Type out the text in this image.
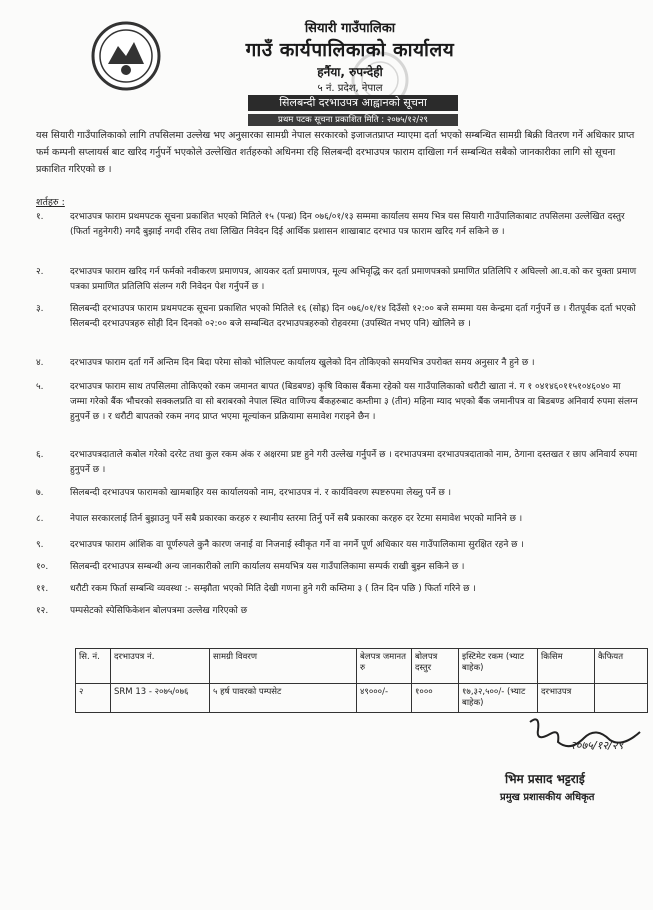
सियारी गाउँपालिका
गाउँ कार्यपालिकाको कार्यालय
हर्नैया, रुपन्देही
५ नं. प्रदेश, नेपाल
सिलबन्दी दरभाउपत्र आह्वानको सूचना
प्रथम पटक सूचना प्रकाशित मिति : २०७५/१२/२९
यस सियारी गाउँपालिकाको लागि तपसिलमा उल्लेख भए अनुसारका सामग्री नेपाल सरकारको इजाजतप्राप्त म्याएमा दर्ता भएको सम्बन्धित सामग्री बिक्री वितरण गर्ने अधिकार प्राप्त फर्म कम्पनी सप्लायर्स बाट खरिद गर्नुपर्ने भएकोले उल्लेखित शर्तहरुको अधिनमा रहि सिलबन्दी दरभाउपत्र फाराम दाखिला गर्न सम्बन्धित सबैको जानकारीका लागि सो सूचना प्रकाशित गरिएको छ ।
शर्तहरु :
१.	दरभाउपत्र फाराम प्रथमपटक सूचना प्रकाशित भएको मितिले १५ (पन्ध्र) दिन ०७६/०१/१३ सम्ममा कार्यालय समय भित्र यस सियारी गाउँपालिकाबाट तपसिलमा उल्लेखित दस्तुर (फिर्ता नहुनेगरी) नगदै बुझाई नगदी रसिद तथा लिखित निवेदन दिई आर्थिक प्रशासन शाखाबाट दरभाउ पत्र फाराम खरिद गर्न सकिने छ ।
२.	दरभाउपत्र फाराम खरिद गर्न फर्मको नवीकरण प्रमाणपत्र, आयकर दर्ता प्रमाणपत्र, मूल्य अभिवृद्धि कर दर्ता प्रमाणपत्रको प्रमाणित प्रतिलिपि र अघिल्लो आ.व.को कर चुक्ता प्रमाण पत्रका प्रमाणित प्रतिलिपि संलग्न गरी निवेदन पेश गर्नुपर्ने छ ।
३.	सिलबन्दी दरभाउपत्र फाराम प्रथमपटक सूचना प्रकाशित भएको मितिले १६ (सोह्र) दिन ०७६/०१/१४ दिउँसो १२:०० बजे सम्ममा यस केन्द्रमा दर्ता गर्नुपर्ने छ । रीतपूर्वक दर्ता भएको सिलबन्दी दरभाउपत्रहरु सोही दिन दिनको ०२:०० बजे सम्बन्धित दरभाउपत्रहरुको रोहवरमा (उपस्थित नभए पनि) खोलिने छ ।
४.	दरभाउपत्र फाराम दर्ता गर्ने अन्तिम दिन बिदा परेमा सोको भोलिपल्ट कार्यालय खुलेको दिन तोकिएको समयभित्र उपरोक्त समय अनुसार नै हुने छ ।
५.	दरभाउपत्र फाराम साथ तपसिलमा तोकिएको रकम जमानत बापत (बिडबण्ड) कृषि विकास बैंकमा रहेको यस गाउँपालिकाको धरौटी खाता नं. ग १ ०४१४६०११५१०४६०४० मा जम्मा गरेको बैंक भौचरको सक्कलप्रति वा सो बराबरको नेपाल स्थित वाणिज्य बैंकहरुबाट कम्तीमा ३ (तीन) महिना म्याद भएको बैंक जमानीपत्र वा बिडबण्ड अनिवार्य रुपमा संलग्न हुनुपर्ने छ । र धरौटी बापतको रकम नगद प्राप्त भएमा मूल्यांकन प्रक्रियामा समावेश गराइने छैन ।
६.	दरभाउपत्रदाताले कबोल गरेको दररेट तथा कुल रकम अंक र अक्षरमा प्रष्ट हुने गरी उल्लेख गर्नुपर्ने छ । दरभाउपत्रमा दरभाउपत्रदाताको नाम, ठेगाना दस्तखत र छाप अनिवार्य रुपमा हुनुपर्ने छ ।
७.	सिलबन्दी दरभाउपत्र फारामको खामबाहिर यस कार्यालयको नाम, दरभाउपत्र नं. र कार्यविवरण स्पष्टरुपमा लेख्नु पर्ने छ ।
८.	नेपाल सरकारलाई तिर्न बुझाउनु पर्ने सबै प्रकारका करहरु र स्थानीय स्तरमा तिर्नु पर्ने सबै प्रकारका करहरु दर रेटमा समावेश भएको मानिने छ ।
९.	दरभाउपत्र फाराम आंशिक वा पूर्णरुपले कुनै कारण जनाई वा निजनाई स्वीकृत गर्ने वा नगर्ने पूर्ण अधिकार यस गाउँपालिकामा सुरक्षित रहने छ ।
१०.	सिलबन्दी दरभाउपत्र सम्बन्धी अन्य जानकारीको लागि कार्यालय समयभित्र यस गाउँपालिकामा सम्पर्क राखी बुझ्न सकिने छ ।
११.	धरौटी रकम फिर्ता सम्बन्धि व्यवस्था :- सम्झौता भएको मिति देखी गणना हुने गरी कम्तिमा ३ ( तिन दिन पछि ) फिर्ता गरिने छ ।
१२.	पम्पसेटको स्पेसिफिकेशन बोलपत्रमा उल्लेख गरिएको छ
सि. नं.	दरभाउपत्र नं.	सामग्री विवरण	बेलपत्र जमानत रु	बोलपत्र दस्तुर	इस्टिमेट रकम (भ्याट बाहेक)	किसिम	कैफियत
२	SRM 13 - २०७५/०७६	५ हर्ष पावरको पम्पसेट	४९०००/-	१०००	१७,३२,५००/- (भ्याट बाहेक)	दरभाउपत्र	
२०७५/१२/२९
भिम प्रसाद भट्टराई
प्रमुख प्रशासकीय अधिकृत
